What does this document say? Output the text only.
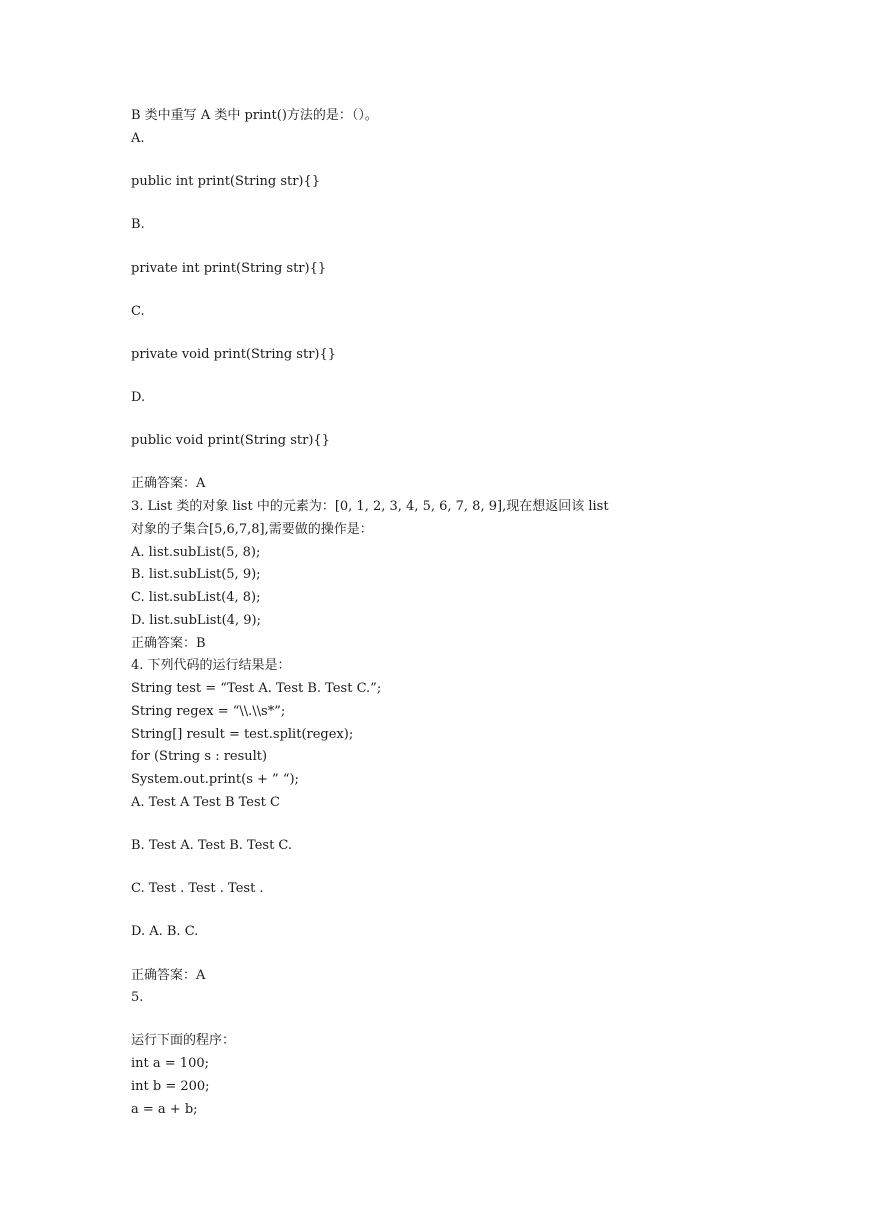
B 类中重写 A 类中 print()方法的是：（）。
A.
public int print(String str){}
B.
private int print(String str){}
C.
private void print(String str){}
D.
public void print(String str){}
正确答案：A
3. List 类的对象 list 中的元素为：[0, 1, 2, 3, 4, 5, 6, 7, 8, 9],现在想返回该 list
对象的子集合[5,6,7,8],需要做的操作是：
A. list.subList(5, 8);
B. list.subList(5, 9);
C. list.subList(4, 8);
D. list.subList(4, 9);
正确答案：B
4. 下列代码的运行结果是：
String test = “Test A. Test B. Test C.”;
String regex = “\\.\\s*”;
String[] result = test.split(regex);
for (String s : result)
System.out.print(s + ” “);
A. Test A Test B Test C
B. Test A. Test B. Test C.
C. Test . Test . Test .
D. A. B. C.
正确答案：A
5.
运行下面的程序：
int a = 100;
int b = 200;
a = a + b;
